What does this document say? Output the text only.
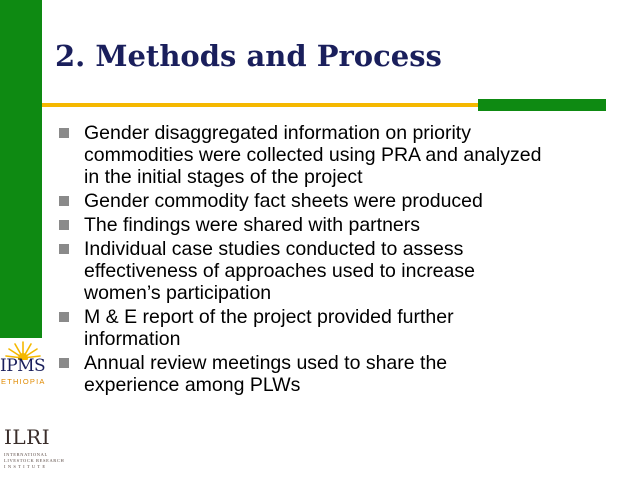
2. Methods and Process
Gender disaggregated information on priority
commodities were collected using PRA and analyzed
in the initial stages of the project
Gender commodity fact sheets were produced
The findings were shared with partners
Individual case studies conducted to assess
effectiveness of approaches used to increase
women’s participation
M & E report of the project provided further
information
Annual review meetings used to share the
experience among PLWs
IPMS
ETHIOPIA
ILRI
INTERNATIONAL
LIVESTOCK RESEARCH
I N S T I T U T E
